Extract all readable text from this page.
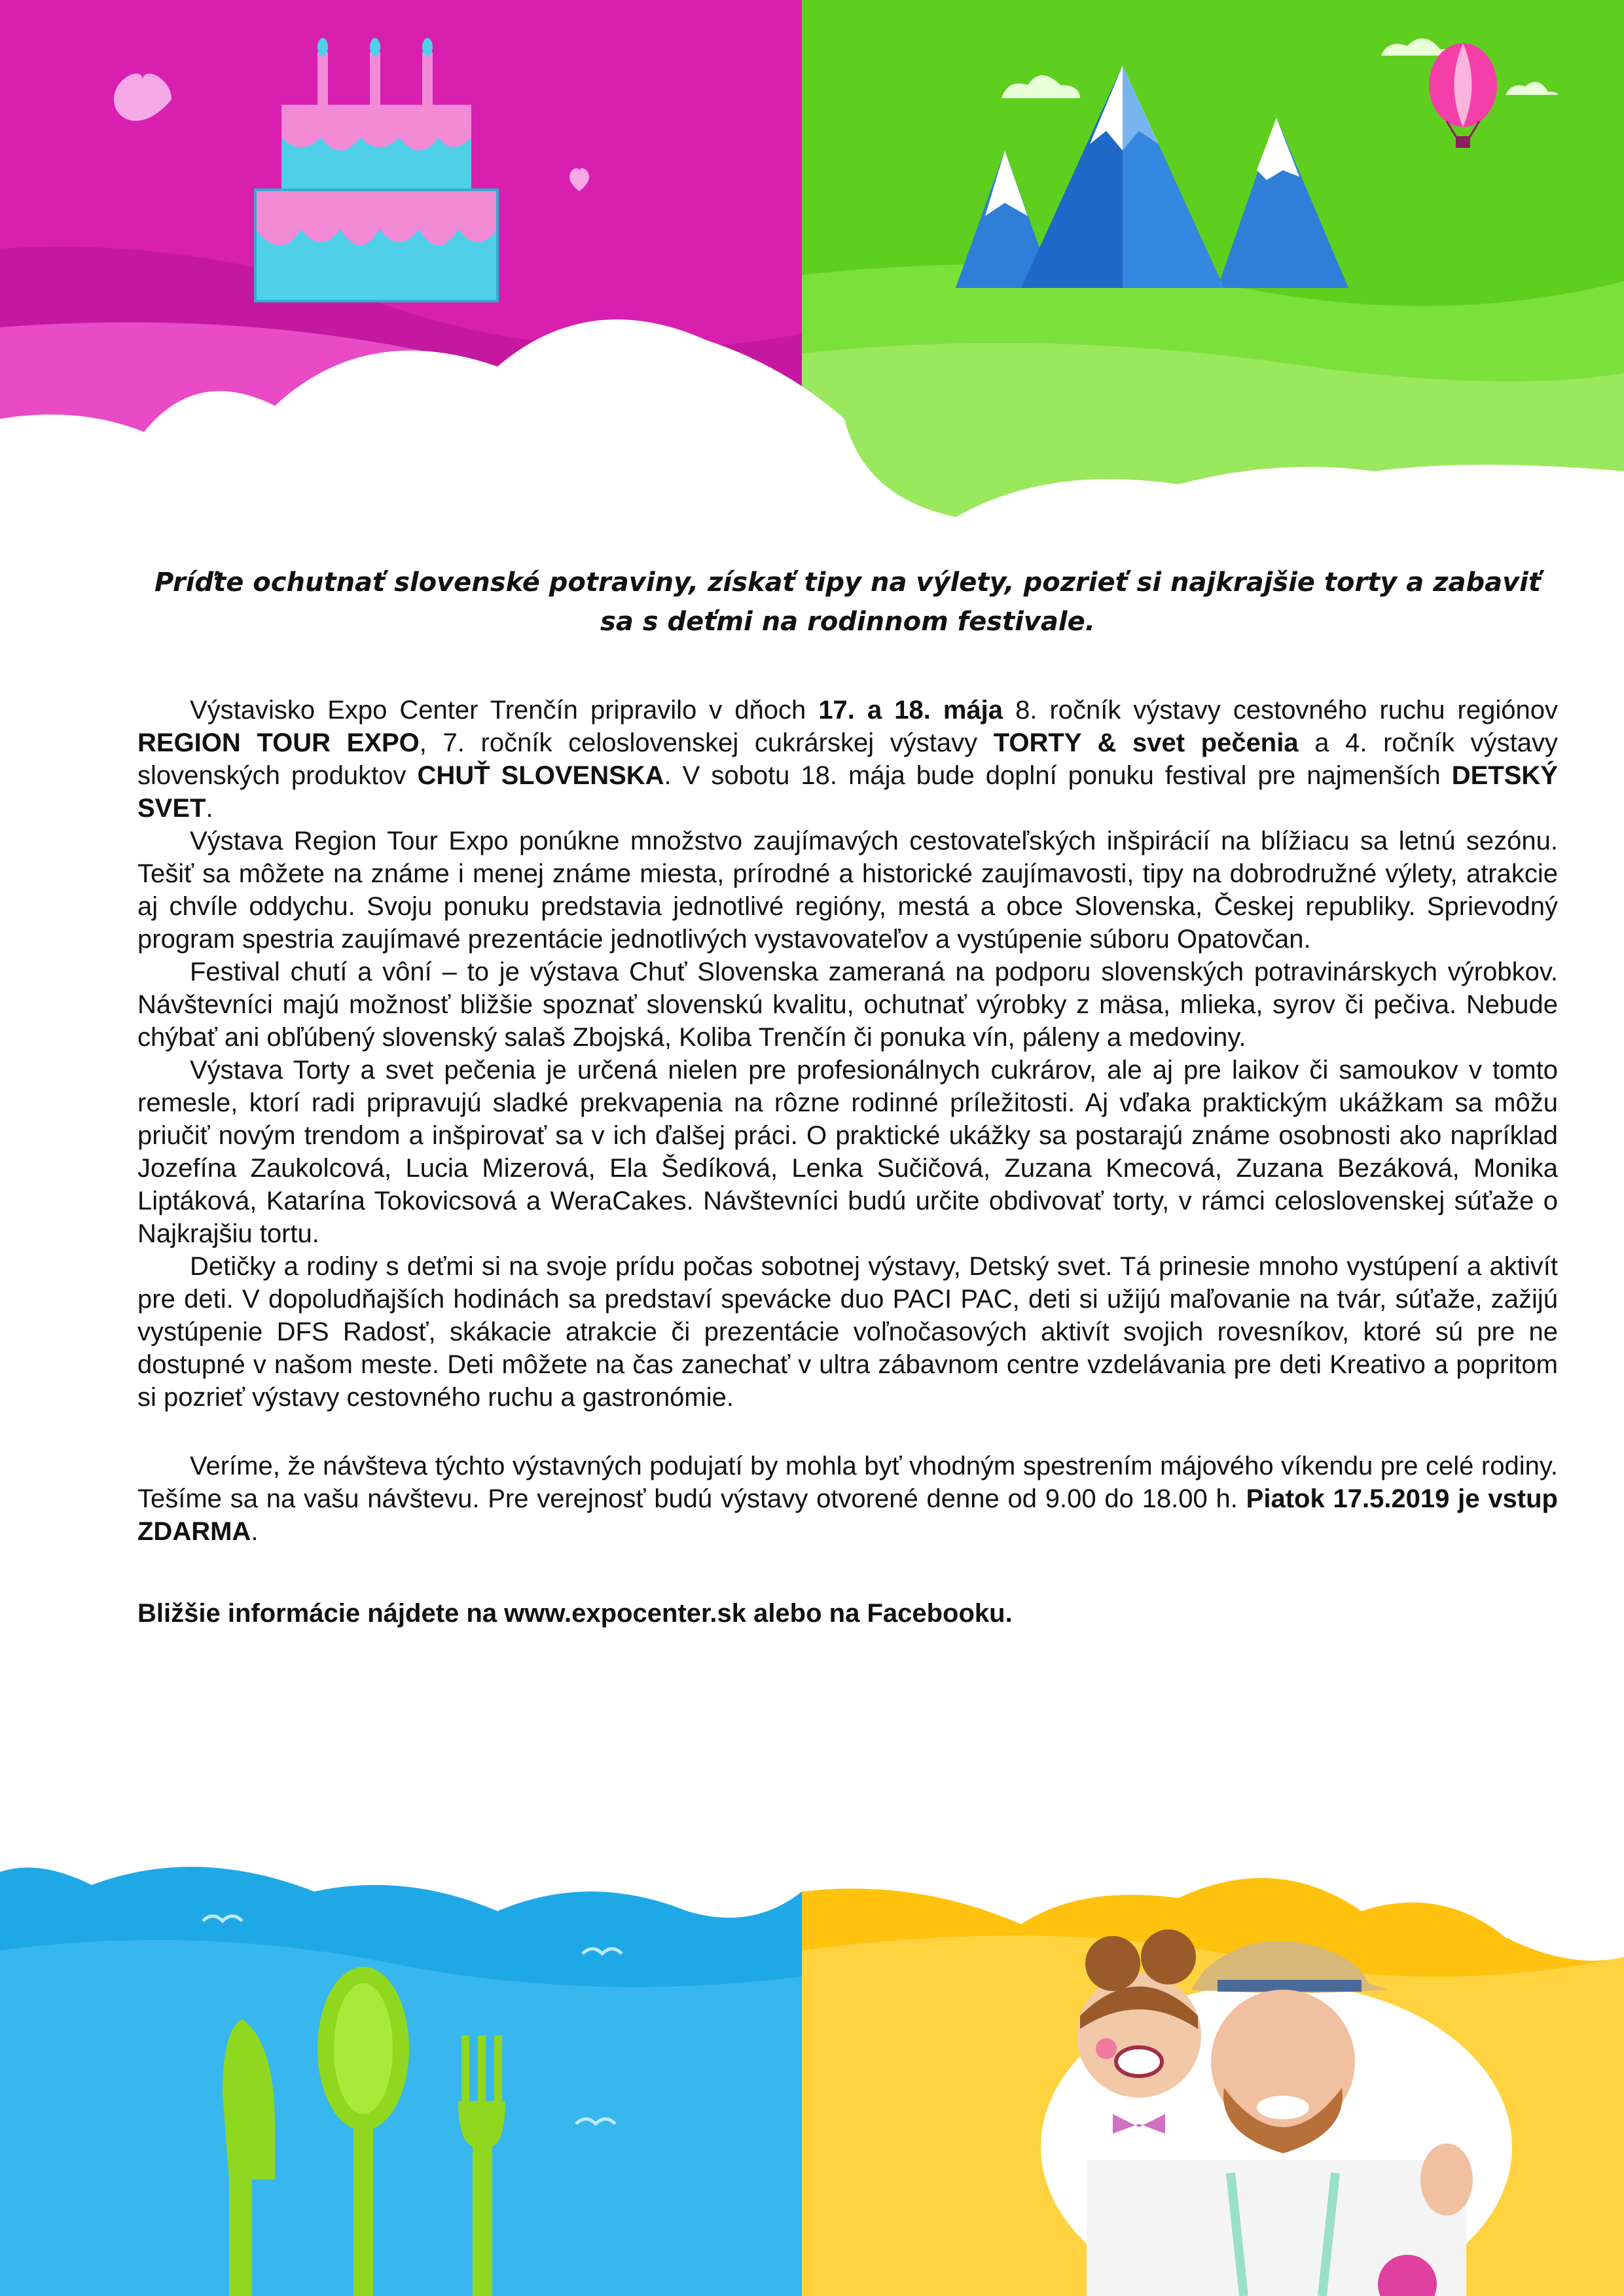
Príďte ochutnať slovenské potraviny, získať tipy na výlety, pozrieť si najkrajšie torty a zabaviť
sa s deťmi na rodinnom festivale.

Výstavisko Expo Center Trenčín pripravilo v dňoch 17. a 18. mája 8. ročník výstavy cestovného ruchu regiónov REGION TOUR EXPO, 7. ročník celoslovenskej cukrárskej výstavy TORTY & svet pečenia a 4. ročník výstavy slovenských produktov CHUŤ SLOVENSKA. V sobotu 18. mája bude doplní ponuku festival pre najmenších DETSKÝ SVET.

Výstava Region Tour Expo ponúkne množstvo zaujímavých cestovateľských inšpirácií na blížiacu sa letnú sezónu. Tešiť sa môžete na známe i menej známe miesta, prírodné a historické zaujímavosti, tipy na dobrodružné výlety, atrakcie aj chvíle oddychu. Svoju ponuku predstavia jednotlivé regióny, mestá a obce Slovenska, Českej republiky. Sprievodný program spestria zaujímavé prezentácie jednotlivých vystavovateľov a vystúpenie súboru Opatovčan.

Festival chutí a vôní – to je výstava Chuť Slovenska zameraná na podporu slovenských potravinárskych výrobkov. Návštevníci majú možnosť bližšie spoznať slovenskú kvalitu, ochutnať výrobky z mäsa, mlieka, syrov či pečiva. Nebude chýbať ani obľúbený slovenský salaš Zbojská, Koliba Trenčín či ponuka vín, páleny a medoviny.

Výstava Torty a svet pečenia je určená nielen pre profesionálnych cukrárov, ale aj pre laikov či samoukov v tomto remesle, ktorí radi pripravujú sladké prekvapenia na rôzne rodinné príležitosti. Aj vďaka praktickým ukážkam sa môžu priučiť novým trendom a inšpirovať sa v ich ďalšej práci. O praktické ukážky sa postarajú známe osobnosti ako napríklad Jozefína Zaukolcová, Lucia Mizerová, Ela Šedíková, Lenka Sučičová, Zuzana Kmecová, Zuzana Bezáková, Monika Liptáková, Katarína Tokovicsová a WeraCakes. Návštevníci budú určite obdivovať torty, v rámci celoslovenskej súťaže o Najkrajšiu tortu.

Detičky a rodiny s deťmi si na svoje prídu počas sobotnej výstavy, Detský svet. Tá prinesie mnoho vystúpení a aktivít pre deti. V dopoludňajších hodinách sa predstaví spevácke duo PACI PAC, deti si užijú maľovanie na tvár, súťaže, zažijú vystúpenie DFS Radosť, skákacie atrakcie či prezentácie voľnočasových aktivít svojich rovesníkov, ktoré sú pre ne dostupné v našom meste. Deti môžete na čas zanechať v ultra zábavnom centre vzdelávania pre deti Kreativo a popritom si pozrieť výstavy cestovného ruchu a gastronómie.

Veríme, že návšteva týchto výstavných podujatí by mohla byť vhodným spestrením májového víkendu pre celé rodiny. Tešíme sa na vašu návštevu. Pre verejnosť budú výstavy otvorené denne od 9.00 do 18.00 h. Piatok 17.5.2019 je vstup ZDARMA.

Bližšie informácie nájdete na www.expocenter.sk alebo na Facebooku.
